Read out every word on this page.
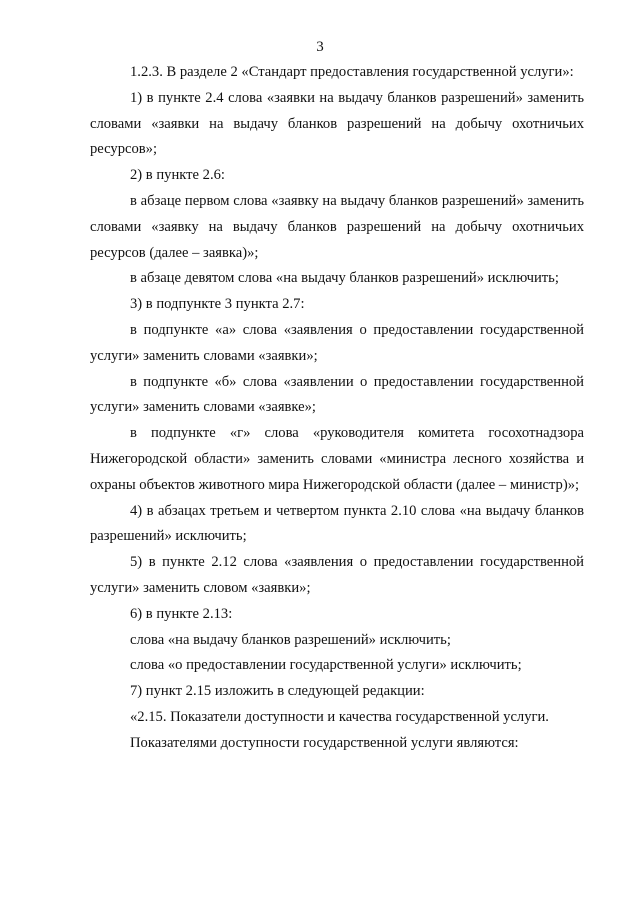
3

1.2.3. В разделе 2 «Стандарт предоставления государственной услуги»:

1) в пункте 2.4 слова «заявки на выдачу бланков разрешений» заменить словами «заявки на выдачу бланков разрешений на добычу охотничьих ресурсов»;

2) в пункте 2.6:

в абзаце первом слова «заявку на выдачу бланков разрешений» заменить словами «заявку на выдачу бланков разрешений на добычу охотничьих ресурсов (далее – заявка)»;

в абзаце девятом слова «на выдачу бланков разрешений» исключить;

3) в подпункте 3 пункта 2.7:

в подпункте «а» слова «заявления о предоставлении государственной услуги» заменить словами «заявки»;

в подпункте «б» слова «заявлении о предоставлении государственной услуги» заменить словами «заявке»;

в подпункте «г» слова «руководителя комитета госохотнадзора Нижегородской области» заменить словами «министра лесного хозяйства и охраны объектов животного мира Нижегородской области (далее – министр)»;

4) в абзацах третьем и четвертом пункта 2.10 слова «на выдачу бланков разрешений» исключить;

5) в пункте 2.12 слова «заявления о предоставлении государственной услуги» заменить словом «заявки»;

6) в пункте 2.13:

слова «на выдачу бланков разрешений» исключить;

слова «о предоставлении государственной услуги» исключить;

7) пункт 2.15 изложить в следующей редакции:

«2.15. Показатели доступности и качества государственной услуги.

Показателями доступности государственной услуги являются:
